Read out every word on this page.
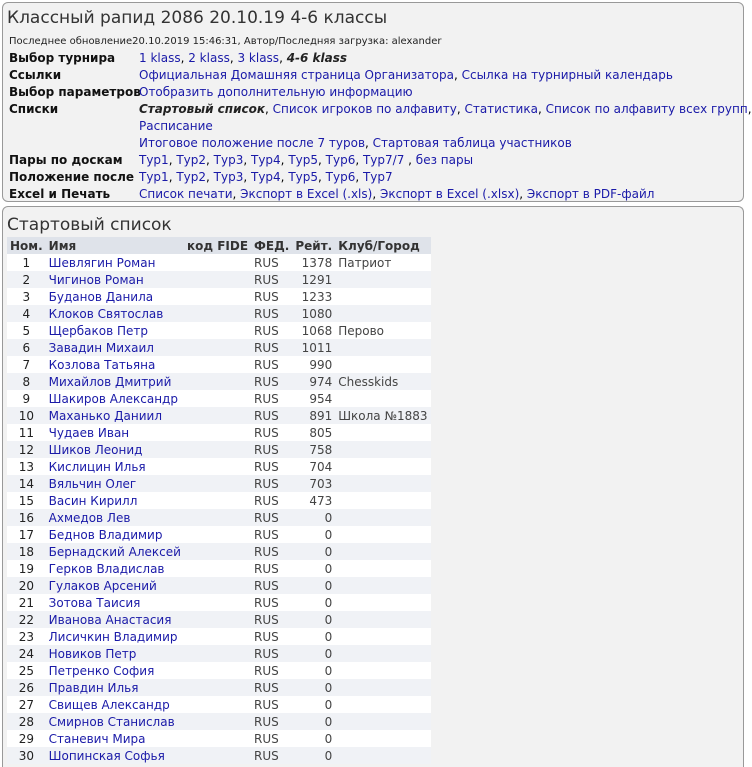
Классный рапид 2086 20.10.19 4-6 классы
Последнее обновление20.10.2019 15:46:31, Автор/Последняя загрузка: alexander
Выбор турнира 1 klass, 2 klass, 3 klass, 4-6 klass
Ссылки	Официальная Домашняя страница Организатора, Ссылка на турнирный календарь
Выбор параметров
Отобразить дополнительную информацию
Списки	Стартовый список, Список игроков по алфавиту, Статистика, Список по алфавиту всех групп,
Расписание
Итоговое положение после 7 туров, Стартовая таблица участников
Пары по доскам Тур1, Тур2, Тур3, Тур4, Тур5, Тур6, Тур7/7 , без пары
Положение после Тур1, Тур2, Тур3, Тур4, Тур5, Тур6, Тур7
Excel и Печать Список печати, Экспорт в Excel (.xls), Экспорт в Excel (.xlsx), Экспорт в PDF-файл
Стартовый список
Ном.	Имя	код FIDE	ФЕД.	Рейт.	Клуб/Город
1	Шевлягин Роман		RUS	1378	Патриот
2	Чигинов Роман		RUS	1291	
3	Буданов Данила		RUS	1233	
4	Клоков Святослав		RUS	1080	
5	Щербаков Петр		RUS	1068	Перово
6	Завадин Михаил		RUS	1011	
7	Козлова Татьяна		RUS	990	
8	Михайлов Дмитрий		RUS	974	Chesskids
9	Шакиров Александр		RUS	954	
10	Маханько Даниил		RUS	891	Школа №1883
11	Чудаев Иван		RUS	805	
12	Шиков Леонид		RUS	758	
13	Кислицин Илья		RUS	704	
14	Вяльчин Олег		RUS	703	
15	Васин Кирилл		RUS	473	
16	Ахмедов Лев		RUS	0	
17	Беднов Владимир		RUS	0	
18	Бернадский Алексей		RUS	0	
19	Герков Владислав		RUS	0	
20	Гулаков Арсений		RUS	0	
21	Зотова Таисия		RUS	0	
22	Иванова Анастасия		RUS	0	
23	Лисичкин Владимир		RUS	0	
24	Новиков Петр		RUS	0	
25	Петренко София		RUS	0	
26	Правдин Илья		RUS	0	
27	Свищев Александр		RUS	0	
28	Смирнов Станислав		RUS	0	
29	Станевич Мира		RUS	0	
30	Шопинская Софья		RUS	0	
